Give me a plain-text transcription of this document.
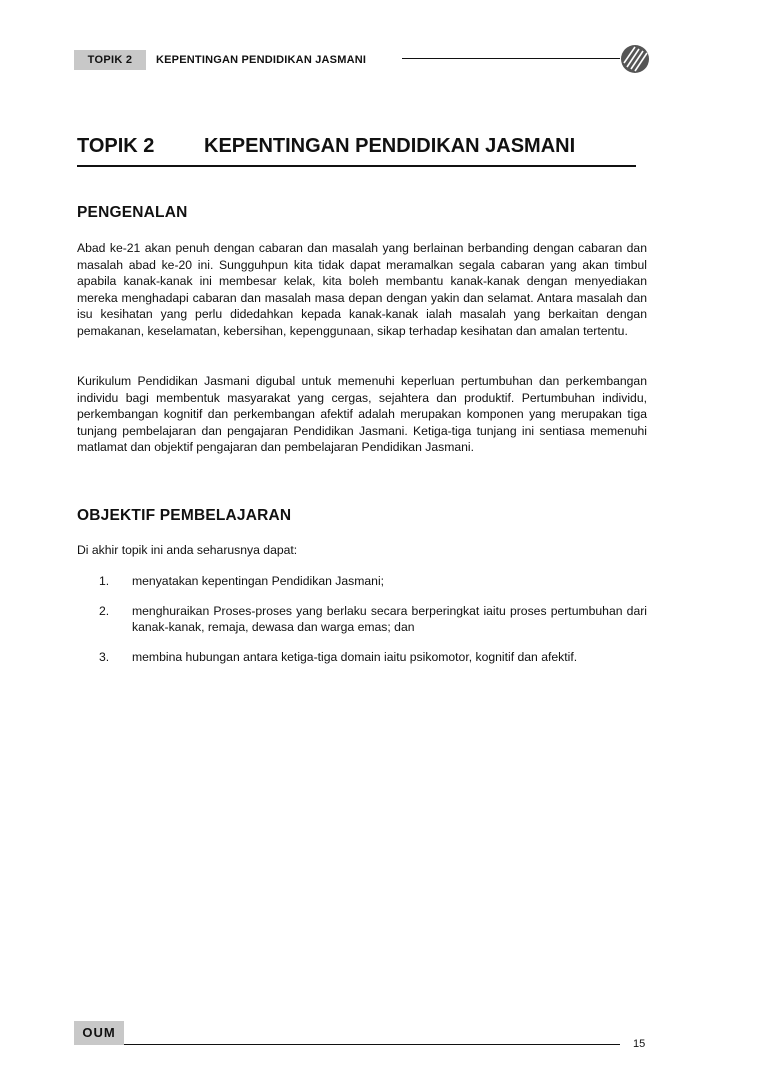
TOPIK 2	KEPENTINGAN PENDIDIKAN JASMANI
TOPIK 2 KEPENTINGAN PENDIDIKAN JASMANI
PENGENALAN

Abad ke-21 akan penuh dengan cabaran dan masalah yang berlainan berbanding dengan cabaran dan masalah abad ke-20 ini. Sungguhpun kita tidak dapat meramalkan segala cabaran yang akan timbul apabila kanak-kanak ini membesar kelak, kita boleh membantu kanak-kanak dengan menyediakan mereka menghadapi cabaran dan masalah masa depan dengan yakin dan selamat. Antara masalah dan isu kesihatan yang perlu didedahkan kepada kanak-kanak ialah masalah yang berkaitan dengan pemakanan, keselamatan, kebersihan, kepenggunaan, sikap terhadap kesihatan dan amalan tertentu.

Kurikulum Pendidikan Jasmani digubal untuk memenuhi keperluan pertumbuhan dan perkembangan individu bagi membentuk masyarakat yang cergas, sejahtera dan produktif. Pertumbuhan individu, perkembangan kognitif dan perkembangan afektif adalah merupakan komponen yang merupakan tiga tunjang pembelajaran dan pengajaran Pendidikan Jasmani. Ketiga-tiga tunjang ini sentiasa memenuhi matlamat dan objektif pengajaran dan pembelajaran Pendidikan Jasmani.

OBJEKTIF PEMBELAJARAN

Di akhir topik ini anda seharusnya dapat:

1. menyatakan kepentingan Pendidikan Jasmani;
2. menghuraikan Proses-proses yang berlaku secara berperingkat iaitu proses pertumbuhan dari kanak-kanak, remaja, dewasa dan warga emas; dan
3. membina hubungan antara ketiga-tiga domain iaitu psikomotor, kognitif dan afektif.
OUM
15
